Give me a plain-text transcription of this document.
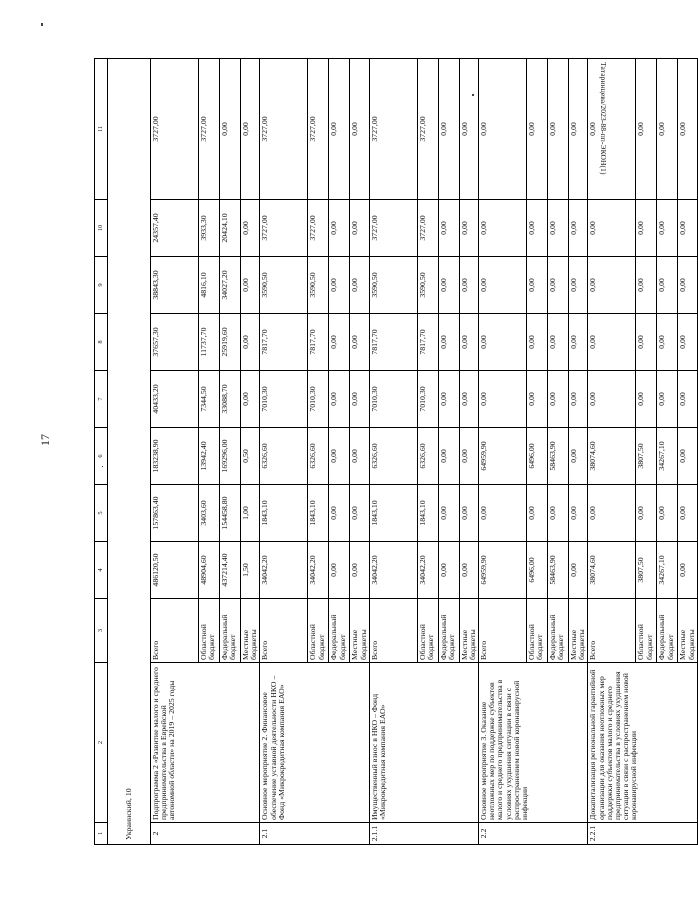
17
Татаринцева/2023-88-пп-ЭКОН(1)
1	2	3	4	5	6	7	8	9	10	11
Украинский, 10										
2	Подпрограмма 2 «Развитие малого и среднего предпринимательства в Еврейской автономной области» на 2019 – 2025 годы	Всего	486120,50	157863,40	183238,90	40433,20	37657,30	38843,30	24357,40	3727,00
		Областной бюджет	48904,60	3403,60	13942,40	7344,50	11737,70	4816,10	3933,30	3727,00
		Федеральный бюджет	437214,40	154458,80	169296,00	33088,70	25919,60	34027,20	20424,10	0,00
		Местные бюджеты	1,50	1,00	0,50	0,00	0,00	0,00	0,00	0,00
2.1	Основное мероприятие 2. Финансовое обеспечение уставной деятельности НКО – Фонд «Микрокредитная компания ЕАО»	Всего	34042,20	1843,10	6326,60	7010,30	7817,70	3590,50	3727,00	3727,00
		Областной бюджет	34042,20	1843,10	6326,60	7010,30	7817,70	3590,50	3727,00	3727,00
		Федеральный бюджет	0,00	0,00	0,00	0,00	0,00	0,00	0,00	0,00
		Местные бюджеты	0,00	0,00	0,00	0,00	0,00	0,00	0,00	0,00
2.1.1	Имущественный взнос в НКО – Фонд «Микрокредитная компания ЕАО»	Всего	34042,20	1843,10	6326,60	7010,30	7817,70	3590,50	3727,00	3727,00
		Областной бюджет	34042,20	1843,10	6326,60	7010,30	7817,70	3590,50	3727,00	3727,00
		Федеральный бюджет	0,00	0,00	0,00	0,00	0,00	0,00	0,00	0,00
		Местные бюджеты	0,00	0,00	0,00	0,00	0,00	0,00	0,00	0,00
2.2	Основное мероприятие 3. Оказание неотложных мер по поддержке субъектов малого и среднего предпринимательства в условиях ухудшения ситуации в связи с распространением новой коронавирусной инфекции	Всего	64959,90	0,00	64959,90	0,00	0,00	0,00	0,00	0,00
		Областной бюджет	6496,00	0,00	6496,00	0,00	0,00	0,00	0,00	0,00
		Федеральный бюджет	58463,90	0,00	58463,90	0,00	0,00	0,00	0,00	0,00
		Местные бюджеты	0,00	0,00	0,00	0,00	0,00	0,00	0,00	0,00
2.2.1	Докапитализация региональной гарантийной организации для оказания неотложных мер поддержки субъектов малого и среднего предпринимательства в условиях ухудшения ситуации в связи с распространением новой коронавирусной инфекции	Всего	38074,60	0,00	38074,60	0,00	0,00	0,00	0,00	0,00
		Областной бюджет	3807,50	0,00	3807,50	0,00	0,00	0,00	0,00	0,00
		Федеральный бюджет	34267,10	0,00	34267,10	0,00	0,00	0,00	0,00	0,00
		Местные бюджеты	0,00	0,00	0,00	0,00	0,00	0,00	0,00	0,00
